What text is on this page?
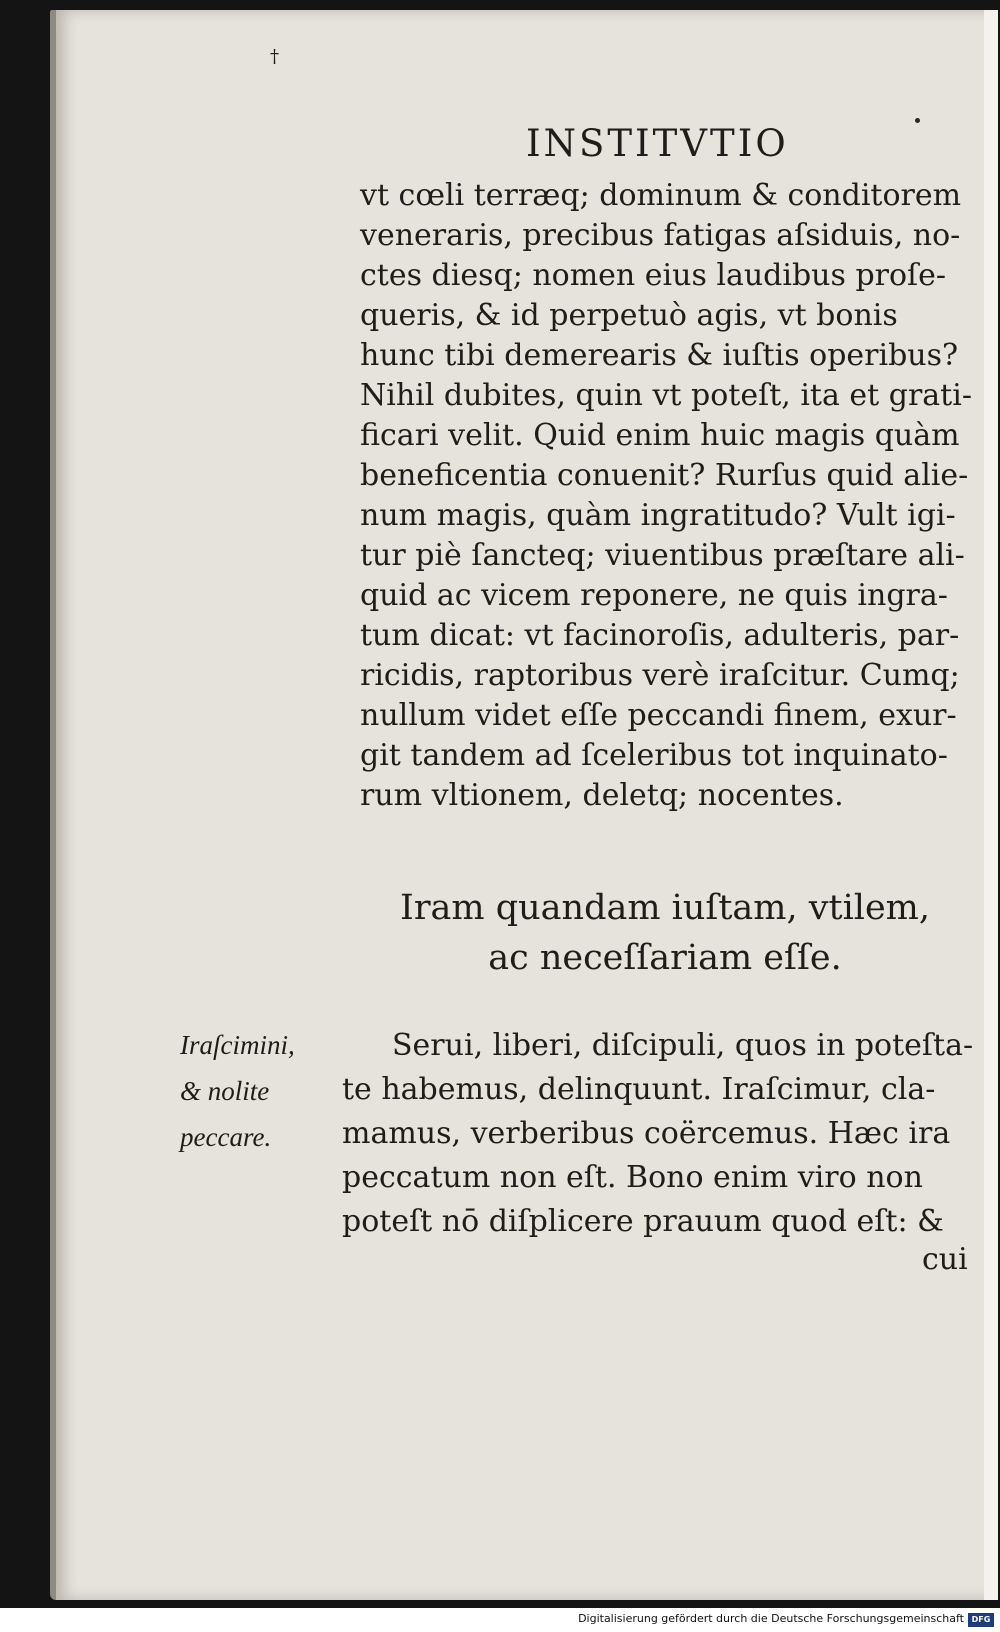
†
INSTITVTIO
vt cœli terræq; dominum & conditorem
veneraris, precibus fatigas aſsiduis, no-
ctes diesq; nomen eius laudibus proſe-
queris, & id perpetuò agis, vt bonis
hunc tibi demerearis & iuſtis operibus?
Nihil dubites, quin vt poteſt, ita et grati-
ficari velit. Quid enim huic magis quàm
beneficentia conuenit? Rurſus quid alie-
num magis, quàm ingratitudo? Vult igi-
tur piè ſancteq; viuentibus præſtare ali-
quid ac vicem reponere, ne quis ingra-
tum dicat: vt facinoroſis, adulteris, par-
ricidis, raptoribus verè iraſcitur. Cumq;
nullum videt eſſe peccandi finem, exur-
git tandem ad ſceleribus tot inquinato-
rum vltionem, deletq; nocentes.
Iram quandam iuſtam, vtilem,
ac neceſſariam eſſe.
Iraſcimini,
& nolite
peccare.
Serui, liberi, diſcipuli, quos in poteſta-
te habemus, delinquunt. Iraſcimur, cla-
mamus, verberibus coërcemus. Hæc ira
peccatum non eſt. Bono enim viro non
poteſt nō diſplicere prauum quod eſt: &
cui
Digitalisierung gefördert durch die Deutsche Forschungsgemeinschaft DFG
